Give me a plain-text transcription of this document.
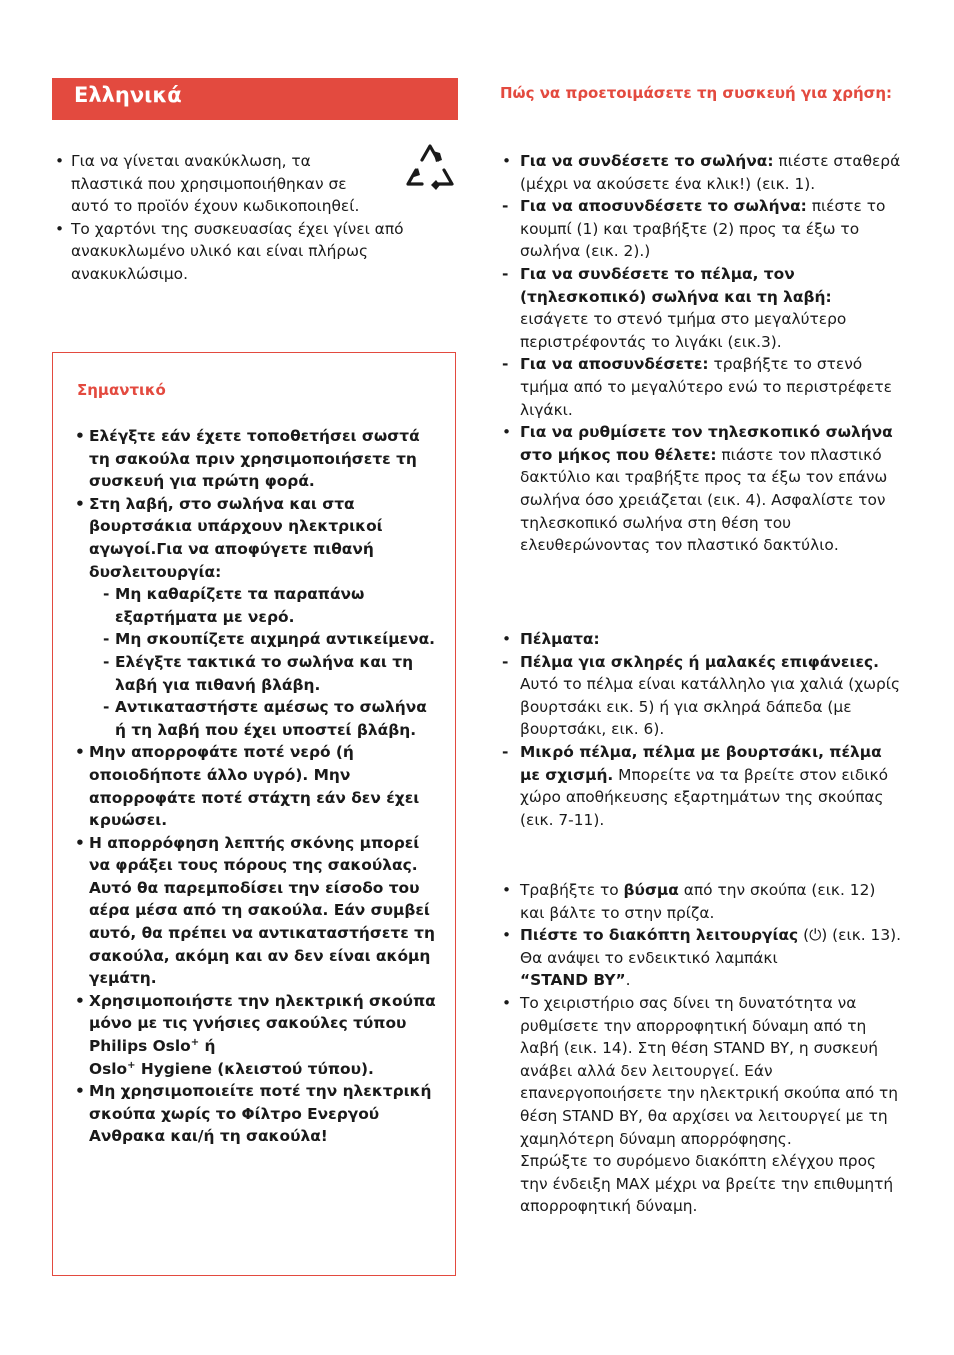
Ελληνικά
• Για να γίνεται ανακύκλωση, τα πλαστικά που χρησιμοποιήθηκαν σε αυτό το προϊόν έχουν κωδικοποιηθεί.
• Το χαρτόνι της συσκευασίας έχει γίνει από ανακυκλωμένο υλικό και είναι πλήρως ανακυκλώσιμο.
Σημαντικό
• Ελέγξτε εάν έχετε τοποθετήσει σωστά τη σακούλα πριν χρησιμοποιήσετε τη συσκευή για πρώτη φορά.
• Στη λαβή, στο σωλήνα και στα βουρτσάκια υπάρχουν ηλεκτρικοί αγωγοί.Για να αποφύγετε πιθανή δυσλειτουργία:
- Μη καθαρίζετε τα παραπάνω εξαρτήματα με νερό.
- Μη σκουπίζετε αιχμηρά αντικείμενα.
- Ελέγξτε τακτικά το σωλήνα και τη λαβή για πιθανή βλάβη.
- Αντικαταστήστε αμέσως το σωλήνα ή τη λαβή που έχει υποστεί βλάβη.
• Μην απορροφάτε ποτέ νερό (ή οποιοδήποτε άλλο υγρό). Μην απορροφάτε ποτέ στάχτη εάν δεν έχει κρυώσει.
• Η απορρόφηση λεπτής σκόνης μπορεί να φράξει τους πόρους της σακούλας. Αυτό θα παρεμποδίσει την είσοδο του αέρα μέσα από τη σακούλα. Εάν συμβεί αυτό, θα πρέπει να αντικαταστήσετε τη σακούλα, ακόμη και αν δεν είναι ακόμη γεμάτη.
• Χρησιμοποιήστε την ηλεκτρική σκούπα μόνο με τις γνήσιες σακούλες τύπου Philips Oslo+ ή
Oslo+ Hygiene (κλειστού τύπου).
• Μη χρησιμοποιείτε ποτέ την ηλεκτρική σκούπα χωρίς το Φίλτρο Ενεργού Ανθρακα και/ή τη σακούλα!
Πώς να προετοιμάσετε τη συσκευή για χρήση:
• Για να συνδέσετε το σωλήνα: πιέστε σταθερά (μέχρι να ακούσετε ένα κλικ!) (εικ. 1).
- Για να αποσυνδέσετε το σωλήνα: πιέστε το κουμπί (1) και τραβήξτε (2) προς τα έξω το σωλήνα (εικ. 2).)
- Για να συνδέσετε το πέλμα, τον (τηλεσκοπικό) σωλήνα και τη λαβή: εισάγετε το στενό τμήμα στο μεγαλύτερο περιστρέφοντάς το λιγάκι (εικ.3).
- Για να αποσυνδέσετε: τραβήξτε το στενό τμήμα από το μεγαλύτερο ενώ το περιστρέφετε λιγάκι.
• Για να ρυθμίσετε τον τηλεσκοπικό σωλήνα στο μήκος που θέλετε: πιάστε τον πλαστικό δακτύλιο και τραβήξτε προς τα έξω τον επάνω σωλήνα όσο χρειάζεται (εικ. 4). Ασφαλίστε τον τηλεσκοπικό σωλήνα στη θέση του ελευθερώνοντας τον πλαστικό δακτύλιο.
• Πέλματα:
- Πέλμα για σκληρές ή μαλακές επιφάνειες. Αυτό το πέλμα είναι κατάλληλο για χαλιά (χωρίς βουρτσάκι εικ. 5) ή για σκληρά δάπεδα (με βουρτσάκι, εικ. 6).
- Μικρό πέλμα, πέλμα με βουρτσάκι, πέλμα με σχισμή. Μπορείτε να τα βρείτε στον ειδικό χώρο αποθήκευσης εξαρτημάτων της σκούπας (εικ. 7-11).
• Τραβήξτε το βύσμα από την σκούπα (εικ. 12) και βάλτε το στην πρίζα.
• Πιέστε το διακόπτη λειτουργίας (⏻) (εικ. 13).
Θα ανάψει το ενδεικτικό λαμπάκι
“STAND BY”.
• Το χειριστήριο σας δίνει τη δυνατότητα να ρυθμίσετε την απορροφητική δύναμη από τη λαβή (εικ. 14). Στη θέση STAND BY, η συσκευή ανάβει αλλά δεν λειτουργεί. Εάν επανεργοποιήσετε την ηλεκτρική σκούπα από τη θέση STAND BY, θα αρχίσει να λειτουργεί με τη χαμηλότερη δύναμη απορρόφησης.
Σπρώξτε το συρόμενο διακόπτη ελέγχου προς την ένδειξη MAX μέχρι να βρείτε την επιθυμητή απορροφητική δύναμη.
